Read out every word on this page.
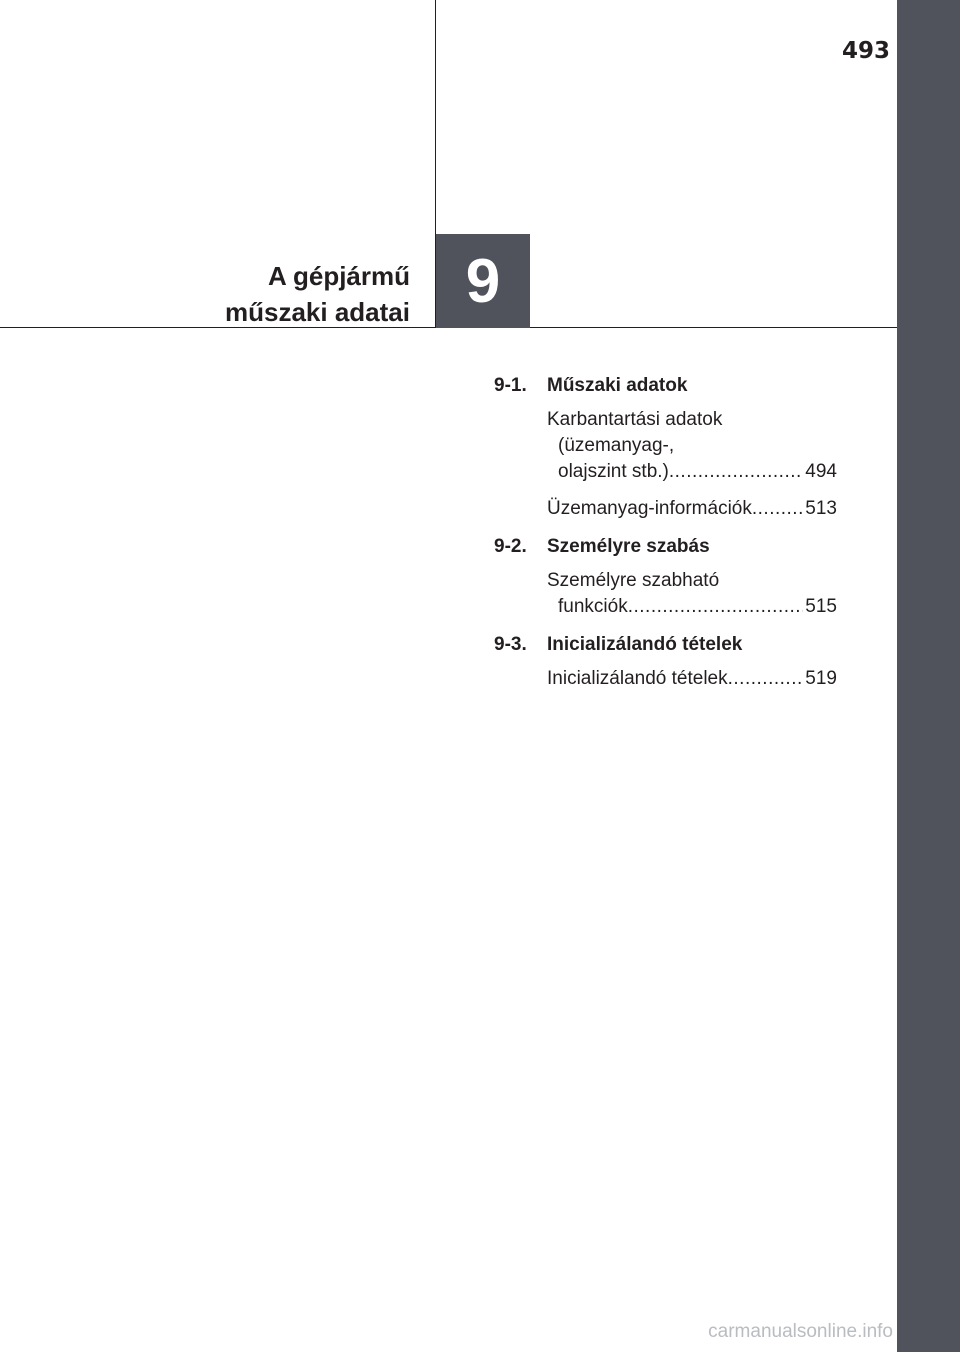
493
A gépjármű
műszaki adatai 9
9-1.	Műszaki adatok
Karbantartási adatok
(üzemanyag-,
olajszint stb.) .....	494
Üzemanyag-információk .....	513
9-2.	Személyre szabás
Személyre szabható
funkciók .....	515
9-3.	Inicializálandó tételek
Inicializálandó tételek .....	519
carmanualsonline.info
